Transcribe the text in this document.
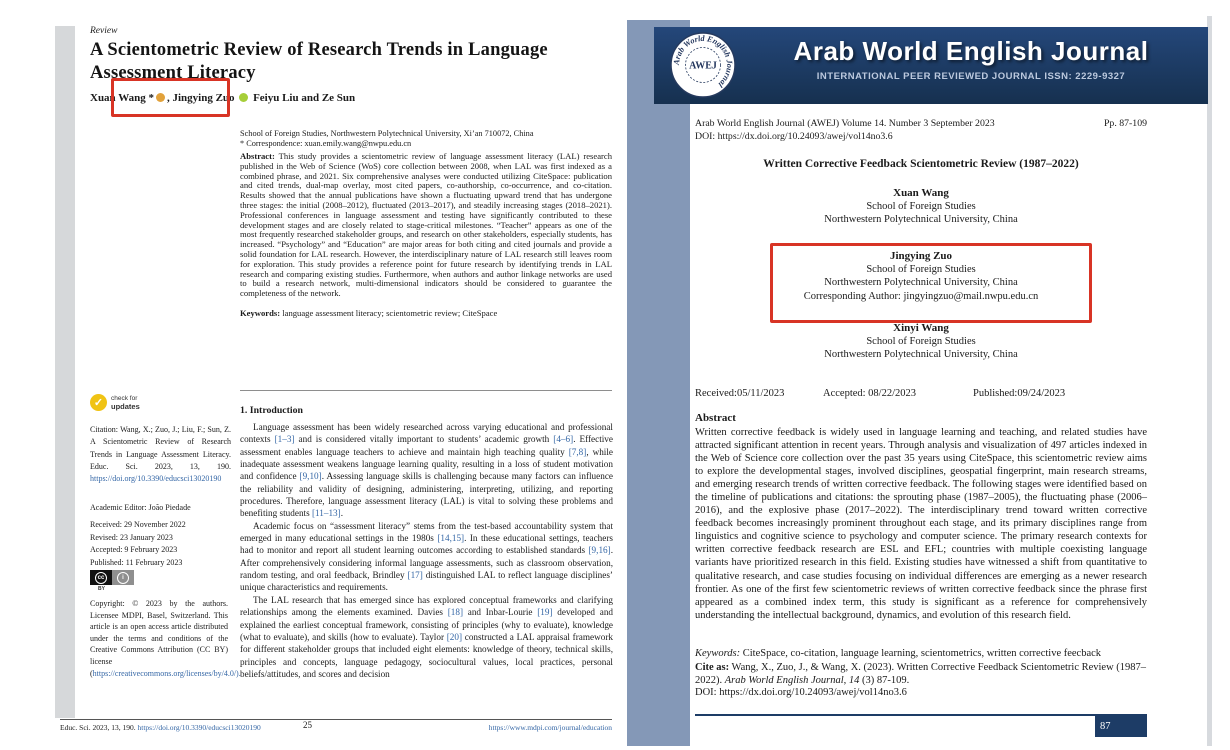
Review
A Scientometric Review of Research Trends in Language Assessment Literacy
Xuan Wang * , Jingying Zuo Feiyu Liu and Ze Sun
School of Foreign Studies, Northwestern Polytechnical University, Xi’an 710072, China
* Correspondence: xuan.emily.wang@nwpu.edu.cn
Abstract: This study provides a scientometric review of language assessment literacy (LAL) research published in the Web of Science (WoS) core collection between 2008, when LAL was first indexed as a combined phrase, and 2021. Six comprehensive analyses were conducted utilizing CiteSpace: publication and cited trends, dual-map overlay, most cited papers, co-authorship, co-occurrence, and co-citation. Results showed that the annual publications have shown a fluctuating upward trend that has undergone three stages: the initial (2008–2012), fluctuated (2013–2017), and steadily increasing stages (2018–2021). Professional conferences in language assessment and testing have significantly contributed to these development stages and are closely related to stage-critical milestones. “Teacher” appears as one of the most frequently researched stakeholder groups, and research on other stakeholders, especially students, has increased. “Psychology” and “Education” are major areas for both citing and cited journals and provide a solid foundation for LAL research. However, the interdisciplinary nature of LAL research still leaves room for exploration. This study provides a reference point for future research by identifying trends in LAL research and comparing existing studies. Furthermore, when authors and author linkage networks are used to build a research network, multi-dimensional indicators should be considered to guarantee the completeness of the network.
Keywords: language assessment literacy; scientometric review; CiteSpace
✓	check for
updates
Citation: Wang, X.; Zuo, J.; Liu, F.; Sun, Z. A Scientometric Review of Research Trends in Language Assessment Literacy. Educ. Sci. 2023, 13, 190. https://doi.org/10.3390/educsci13020190
Academic Editor: João Piedade
Received: 29 November 2022
Revised: 23 January 2023
Accepted: 9 February 2023
Published: 11 February 2023
cc	i
BY
Copyright: © 2023 by the authors. Licensee MDPI, Basel, Switzerland. This article is an open access article distributed under the terms and conditions of the Creative Commons Attribution (CC BY) license (https://creativecommons.org/licenses/by/4.0/).
1. Introduction

Language assessment has been widely researched across varying educational and professional contexts [1–3] and is considered vitally important to students’ academic growth [4–6]. Effective assessment enables language teachers to achieve and maintain high teaching quality [7,8], while inadequate assessment weakens language learning quality, resulting in a loss of student motivation and confidence [9,10]. Assessing language skills is challenging because many factors can influence the reliability and validity of designing, administering, interpreting, utilizing, and reporting procedures. Therefore, language assessment literacy (LAL) is vital to solving these problems and benefiting students [11–13].

Academic focus on “assessment literacy” stems from the test-based accountability system that emerged in many educational settings in the 1980s [14,15]. In these educational settings, teachers had to monitor and report all student learning outcomes according to established standards [9,16]. After comprehensively considering informal language assessments, such as classroom observation, random testing, and oral feedback, Brindley [17] distinguished LAL to reflect language disciplines’ unique characteristics and requirements.

The LAL research that has emerged since has explored conceptual frameworks and clarifying relationships among the elements examined. Davies [18] and Inbar-Lourie [19] developed and explained the earliest conceptual framework, consisting of principles (why to evaluate), knowledge (what to evaluate), and skills (how to evaluate). Taylor [20] constructed a LAL appraisal framework for different stakeholder groups that included eight elements: knowledge of theory, technical skills, principles and concepts, language pedagogy, sociocultural values, local practices, personal beliefs/attitudes, and scores and decision

Educ. Sci. 2023, 13, 190. https://doi.org/10.3390/educsci13020190	25	https://www.mdpi.com/journal/education
Arab World English Journal
AWEJ	Arab World English Journal
INTERNATIONAL PEER REVIEWED JOURNAL ISSN: 2229-9327
Arab World English Journal (AWEJ) Volume 14. Number 3 September 2023	Pp. 87-109
DOI: https://dx.doi.org/10.24093/awej/vol14no3.6
Written Corrective Feedback Scientometric Review (1987–2022)
Xuan Wang
School of Foreign Studies
Northwestern Polytechnical University, China
Jingying Zuo
School of Foreign Studies
Northwestern Polytechnical University, China
Corresponding Author: jingyingzuo@mail.nwpu.edu.cn
Xinyi Wang
School of Foreign Studies
Northwestern Polytechnical University, China
Received:05/11/2023	Accepted: 08/22/2023	Published:09/24/2023
Abstract
Written corrective feedback is widely used in language learning and teaching, and related studies have attracted significant attention in recent years. Through analysis and visualization of 497 articles indexed in the Web of Science core collection over the past 35 years using CiteSpace, this scientometric review aims to explore the developmental stages, involved disciplines, geospatial fingerprint, main research streams, and emerging research trends of written corrective feedback. The following stages were identified based on the timeline of publications and citations: the sprouting phase (1987–2005), the fluctuating phase (2006–2016), and the explosive phase (2017–2022). The interdisciplinary trend toward written corrective feedback becomes increasingly prominent throughout each stage, and its primary disciplines range from linguistics and cognitive science to psychology and computer science. The primary research contexts for written corrective feedback research are ESL and EFL; countries with multiple coexisting language variants have prioritized research in this field. Existing studies have witnessed a shift from quantitative to qualitative research, and case studies focusing on individual differences are emerging as a newer research frontier. As one of the first few scientometric reviews of written corrective feedback since the phrase first appeared as a combined index term, this study is significant as a reference for comprehensively understanding the intellectual background, dynamics, and evolution of this research field.
Keywords: CiteSpace, co-citation, language learning, scientometrics, written corrective feecback
Cite as: Wang, X., Zuo, J., & Wang, X. (2023). Written Corrective Feedback Scientometric Review (1987–2022). Arab World English Journal, 14 (3) 87-109.
DOI: https://dx.doi.org/10.24093/awej/vol14no3.6
87
